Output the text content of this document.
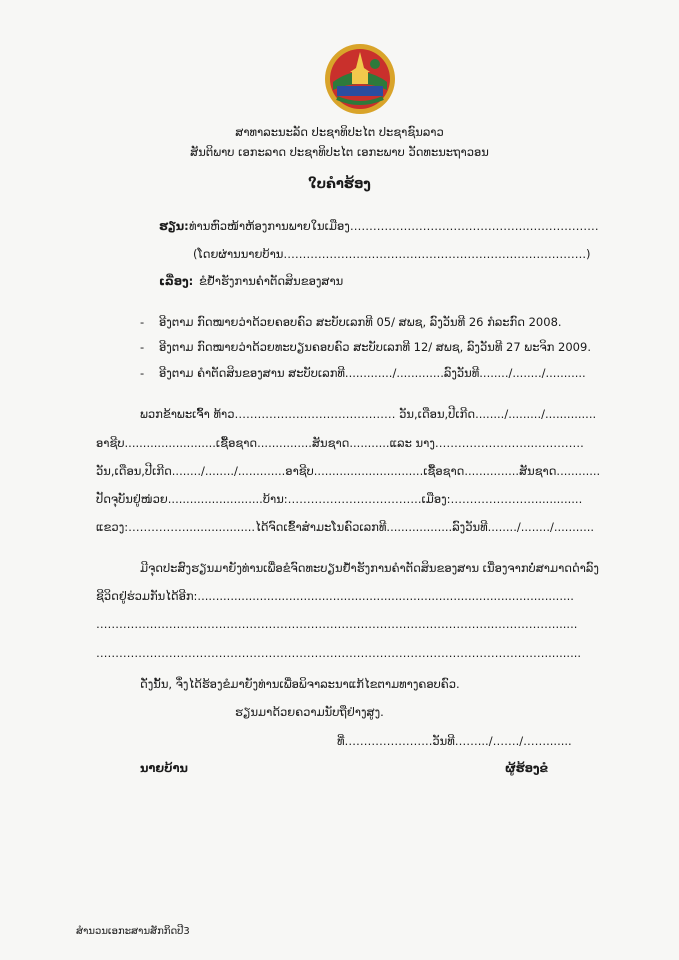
ສາທາລະນະລັດ ປະຊາທິປະໄຕ ປະຊາຊົນລາວ
ສັນຕິພາບ ເອກະລາດ ປະຊາທິປະໄຕ ເອກະພາບ ວັດທະນະຖາວອນ
ໃບຄຳຮ້ອງ
ຮຽນ: ທ່ານຫົວໜ້າຫ້ອງການພາຍໃນເມືອງ………………………………………..………………
(ໂດຍຜ່ານນາຍບ້ານ…………………………………………………………………….)
ເລື່ອງ: ຂໍຢ້ຳຮັງການຄຳຕັດສິນຂອງສານ
- ອີງຕາມ ກົດໝາຍວ່າດ້ວຍຄອບຄົວ ສະບັບເລກທີ 05/ ສພຊ, ລົງວັນທີ 26 ກໍລະກົດ 2008.
- ອີງຕາມ ກົດໝາຍວ່າດ້ວຍທະບຽນຄອບຄົວ ສະບັບເລກທີ 12/ ສພຊ, ລົງວັນທີ 27 ພະຈິກ 2009.
- ອີງຕາມ ຄຳຕັດສິນຂອງສານ ສະບັບເລກທີ............./.............ລົງວັນທີ......../......../...........
ພວກຂ້າພະເຈົ້າ ທ້າວ…………………………………… ວັນ,ເດືອນ,ປີເກີດ......../........./..............
ອາຊີບ.........................ເຊື້ອຊາດ...............ສັນຊາດ...........ແລະ ນາງ……………………..………….
ວັນ,ເດືອນ,ປີເກີດ......../......../.............ອາຊີບ..............................ເຊື້ອຊາດ...............ສັນຊາດ............
ປັດຈຸບັນຢູ່ໜ່ວຍ..........................ບ້ານ:……………………………..ເມືອງ:…………………..............
ແຂວງ:……………...................ໄດ້ຈົດເຂົ້າສຳມະໂນຄົວເລກທີ..................ລົງວັນທີ......../......../...........
ມີຈຸດປະສົງຮຽນມາຍັງທ່ານເພື່ອຂໍຈົດທະບຽນຢ້ຳຮັງການຄຳຕັດສິນຂອງສານ ເນື່ອງຈາກບໍ່ສາມາດດຳລົງ
ຊີວິດຢູ່ຮ່ວມກັນໄດ້ອີກ:.......................................................................................................
…………………………………………………………………………………………..…………….......
………………………………………………………………………………………………………..........
ດັ່ງນັ້ນ, ຈຶ່ງໄດ້ຮ້ອງຂໍມາຍັງທ່ານເພື່ອພິຈາລະນາແກ້ໄຂຕາມທາງຄອບຄົວ.
ຮຽນມາດ້ວຍຄວາມນັບຖືຢ່າງສູງ.
ທີ່…………………..ວັນທີ…….../……./…….......
ນາຍບ້ານ	ຜູ້ຮ້ອງຂໍ
ສຳນວນເອກະສານສັກກິດປີ3
